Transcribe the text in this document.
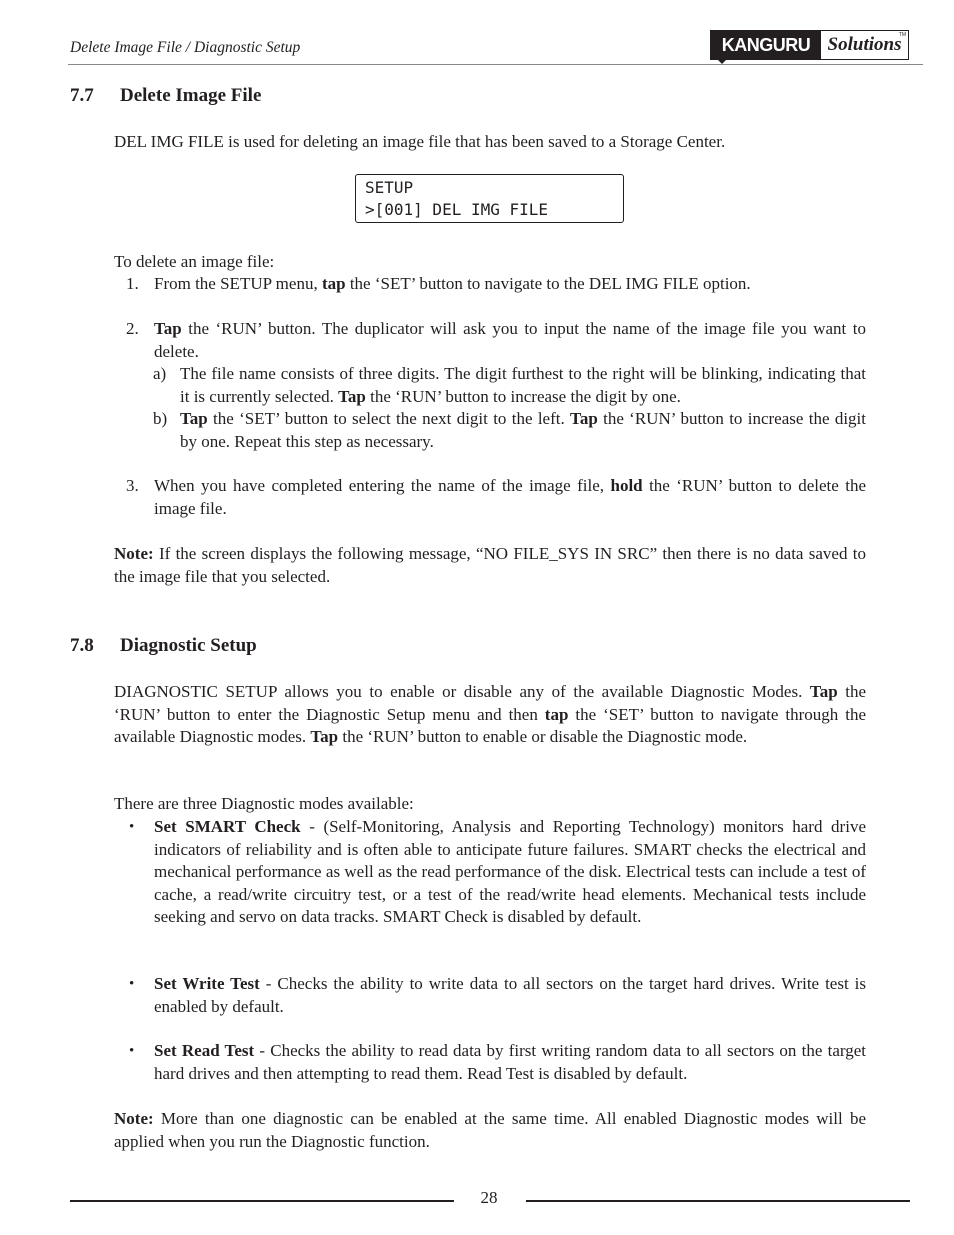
Delete Image File / Diagnostic Setup	KANGURU Solutions
TM
7.7 Delete Image File
DEL IMG FILE is used for deleting an image file that has been saved to a Storage Center.
SETUP
>[001] DEL IMG FILE
To delete an image file:
1. From the SETUP menu, tap the ‘SET’ button to navigate to the DEL IMG FILE option.
2. Tap the ‘RUN’ button. The duplicator will ask you to input the name of the image file you want to delete.
a) The file name consists of three digits. The digit furthest to the right will be blinking, indicating that it is currently selected. Tap the ‘RUN’ button to increase the digit by one.
b) Tap the ‘SET’ button to select the next digit to the left. Tap the ‘RUN’ button to increase the digit by one. Repeat this step as necessary.
3. When you have completed entering the name of the image file, hold the ‘RUN’ button to delete the image file.
Note: If the screen displays the following message, “NO FILE_SYS IN SRC” then there is no data saved to the image file that you selected.
7.8 Diagnostic Setup
DIAGNOSTIC SETUP allows you to enable or disable any of the available Diagnostic Modes. Tap the ‘RUN’ button to enter the Diagnostic Setup menu and then tap the ‘SET’ button to navigate through the available Diagnostic modes. Tap the ‘RUN’ button to enable or disable the Diagnostic mode.
There are three Diagnostic modes available:
• Set SMART Check - (Self-Monitoring, Analysis and Reporting Technology) monitors hard drive indicators of reliability and is often able to anticipate future failures. SMART checks the electrical and mechanical performance as well as the read performance of the disk. Electrical tests can include a test of cache, a read/write circuitry test, or a test of the read/write head elements. Mechanical tests include seeking and servo on data tracks. SMART Check is disabled by default.
• Set Write Test - Checks the ability to write data to all sectors on the target hard drives. Write test is enabled by default.
• Set Read Test - Checks the ability to read data by first writing random data to all sectors on the target hard drives and then attempting to read them. Read Test is disabled by default.
Note: More than one diagnostic can be enabled at the same time. All enabled Diagnostic modes will be applied when you run the Diagnostic function.
28
